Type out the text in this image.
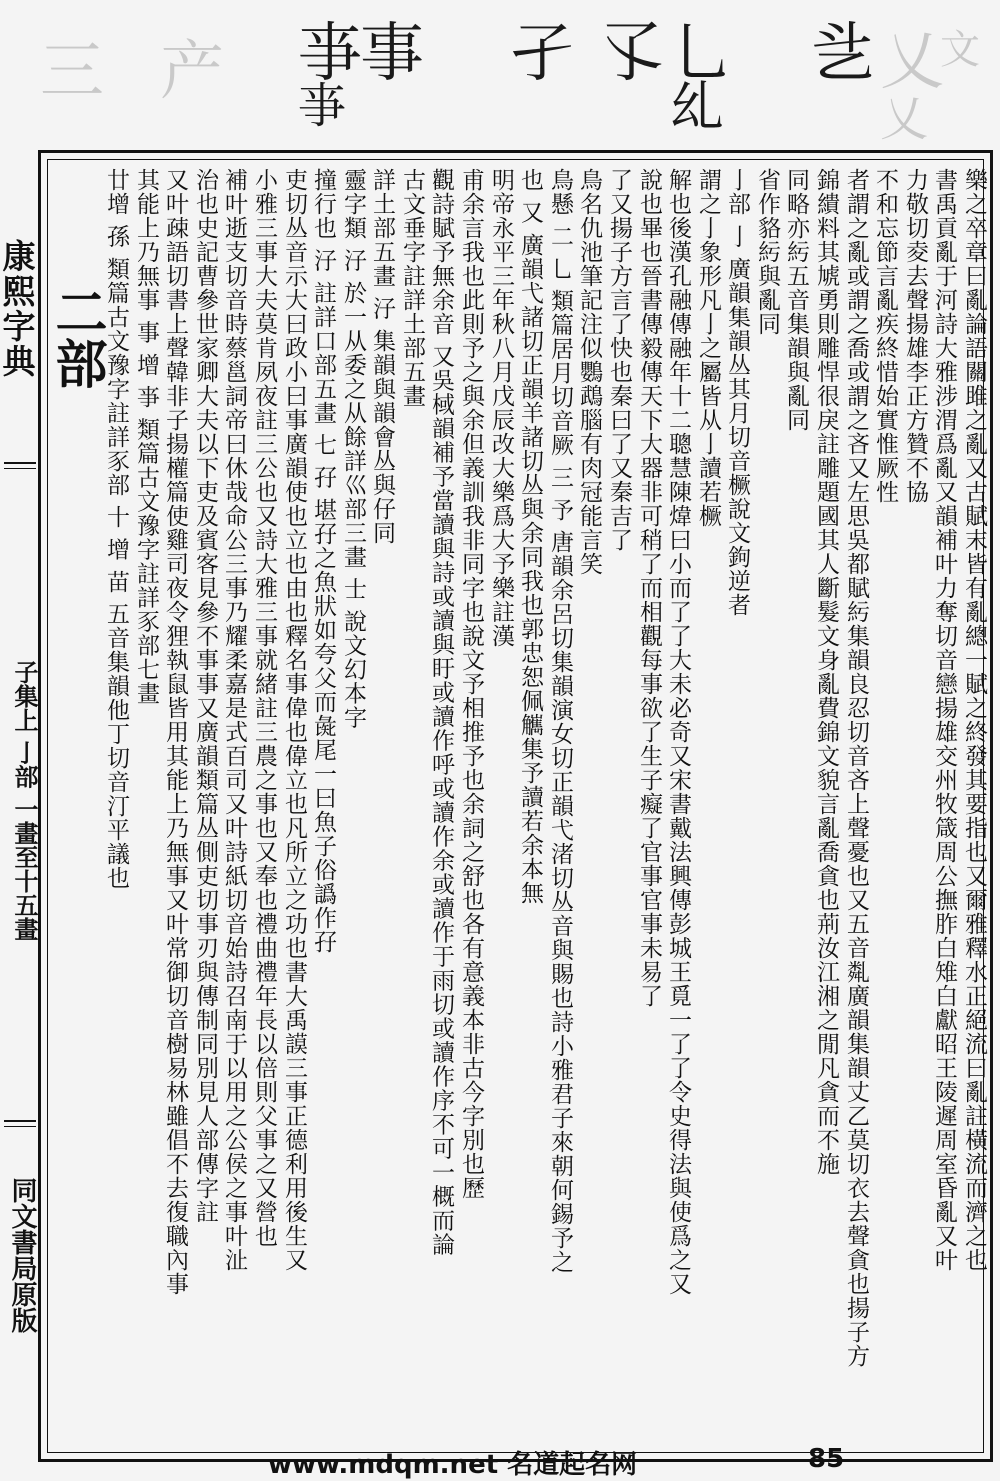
三 产	乂
文
乂
亊
亊
事 孑 孓 乚
乣
乧
康熙字典
子集上 亅部 一畫至十五畫
同文書局原版
二部	樂之卒章曰亂論語關雎之亂又古賦末皆有亂總一賦之終發其要指也又爾雅釋水正絕流曰亂註橫流而濟之也
書禹貢亂于河詩大雅涉渭爲亂又韻補叶力奪切音戀揚雄交州牧箴周公撫胙白雉白獻昭王陵遲周室昏亂又叶
力敬切夌去聲揚雄李正方贊不協
不和忘節言亂疾終惜始實惟厥性
者謂之亂或謂之喬或謂之吝又左思吳都賦䊸集韻良忍切音吝上聲憂也又五音亃廣韻集韻丈乙莫切衣去聲貪也揚子方
錦繢料其虓勇則雕悍很戾註雕題國其人斷髮文身亂費錦文貌言亂喬貪也荊汝江湘之閒凡貪而不施
同略亦䊸五音集韻與亂同
省作貉䊸與亂同
亅部 亅 廣韻集韻丛其月切音橛說文鉤逆者
謂之亅象形凡亅之屬皆从亅讀若橛
解也後漢孔融傳融年十二聰慧陳煒曰小而了了大未必奇又宋書戴法興傳彭城王覓一了了令史得法與使爲之又
說也畢也晉書傳毅傳天下大器非可稍了而相觀每事欲了生子癡了官事官事未易了
了又揚子方言了快也秦曰了又秦吉了
鳥名仇池筆記注似鸚鵡腦有肉冠能言笑
鳥懸 二 乚 類篇居月切音厥 三 予 唐韻余呂切集韻演女切正韻弋渚切丛音與賜也詩小雅君子來朝何錫予之
也 又 廣韻弋諸切正韻羊諸切丛與余同我也郭忠恕佩觽集予讀若余本無
明帝永平三年秋八月戊辰改大樂爲大予樂註漢
甫余言我也此則予之與余但義訓我非同字也說文予相推予也余詞之舒也各有意義本非古今字別也歷
觀詩賦予無余音 又吳棫韻補予當讀與詩或讀與盱或讀作呼或讀作余或讀作于雨切或讀作序不可一概而論
古文垂字註詳土部五畫
詳土部五畫 汓 集韻與韻會丛與仔同
靈字類 汓 於一从委之从餘詳巛部三畫 士 說文幻本字
撞行也 汓 註詳口部五畫 七 孖 堪孖之魚狀如夸父而彘尾一曰魚子俗譌作孖
吏切丛音示大曰政小曰事廣韻使也立也由也釋名事偉也偉立也凡所立之功也書大禹謨三事正德利用後生又
小雅三事大夫莫肯夙夜註三公也又詩大雅三事就緒註三農之事也又奉也禮曲禮年長以倍則父事之又營也
補叶逝支切音時蔡邕詞帝曰休哉命公三事乃耀柔嘉是式百司又叶詩紙切音始詩召南于以用之公侯之事叶沚
治也史記曹參世家卿大夫以下吏及賓客見參不事事又廣韻類篇丛側吏切事刃與傳制同別見人部傳字註
又叶疎語切書上聲韓非子揚權篇使雞司夜令狸執鼠皆用其能上乃無事又叶常御切音樹易林雖倡不去復職內事
其能上乃無事 事 增 亊 類篇古文豫字註詳豕部七畫
廿增 孫 類篇古文豫字註詳豕部 十 增 苗 五音集韻他丁切音汀平議也
www.mdqm.net 名道起名网	85
